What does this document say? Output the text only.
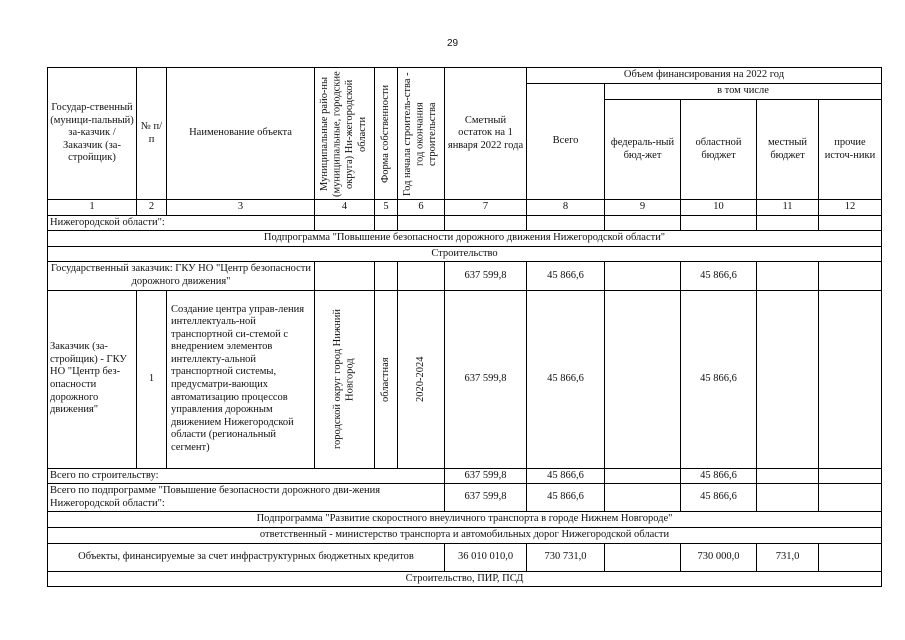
29
Государ-ственный (муници-пальный) за-казчик / Заказчик (за-стройщик)	№ п/п	Наименование объекта	Муниципальные райо-ны (муниципальные, городские округа) Ни-жегородской области	Форма собственности	Год начала строитель-ства - год окончания строительства	Сметный остаток на 1 января 2022 года	Объем финансирования на 2022 год				
							Всего	в том числе			
								федераль-ный бюд-жет	областной бюджет	местный бюджет	прочие источ-ники
1	2	3	4	5	6	7	8	9	10	11	12
Нижегородской области":											
Подпрограмма "Повышение безопасности дорожного движения Нижегородской области"											
Строительство											
Государственный заказчик: ГКУ НО "Центр безопасности дорожного движения"						637 599,8	45 866,6		45 866,6		
Заказчик (за-стройщик) - ГКУ НО "Центр без-опасности дорожного движения"	1	Создание центра управ-ления интеллектуаль-ной транспортной си-стемой с внедрением элементов интеллекту-альной транспортной системы, предусматри-вающих автоматизацию процессов управления дорожным движением Нижегородской области (региональный сегмент)	городской округ город Нижний Новгород	областная	2020-2024	637 599,8	45 866,6		45 866,6		
Всего по строительству:						637 599,8	45 866,6		45 866,6		
Всего по подпрограмме "Повышение безопасности дорожного дви-жения Нижегородской области":						637 599,8	45 866,6		45 866,6		
Подпрограмма "Развитие скоростного внеуличного транспорта в городе Нижнем Новгороде"											
ответственный - министерство транспорта и автомобильных дорог Нижегородской области											
Объекты, финансируемые за счет инфраструктурных бюджетных кредитов						36 010 010,0	730 731,0		730 000,0	731,0	
Строительство, ПИР, ПСД											
